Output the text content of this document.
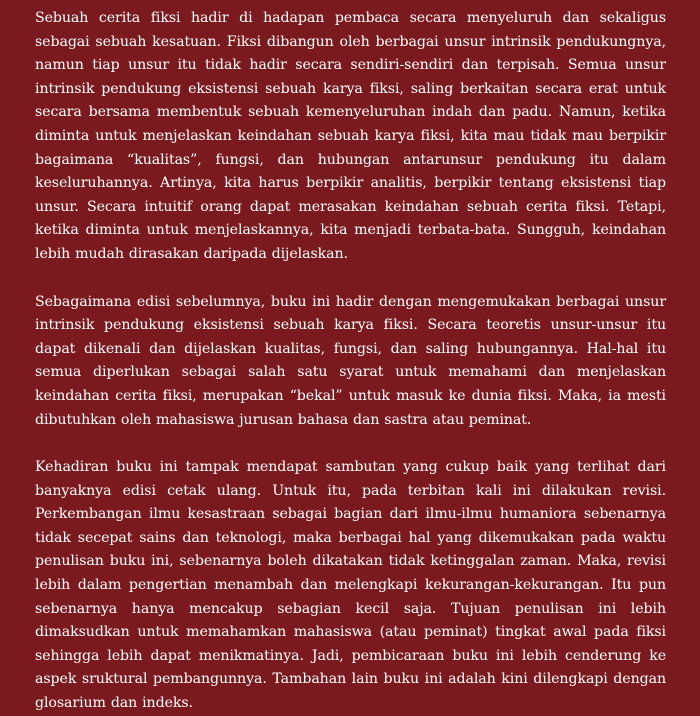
Sebuah cerita fiksi hadir di hadapan pembaca secara menyeluruh dan sekaligus sebagai sebuah kesatuan. Fiksi dibangun oleh berbagai unsur intrinsik pendukungnya, namun tiap unsur itu tidak hadir secara sendiri-sendiri dan terpisah. Semua unsur intrinsik pendukung eksistensi sebuah karya fiksi, saling berkaitan secara erat untuk secara bersama membentuk sebuah kemenyeluruhan indah dan padu. Namun, ketika diminta untuk menjelaskan keindahan sebuah karya fiksi, kita mau tidak mau berpikir bagaimana “kualitas”, fungsi, dan hubungan antarunsur pendukung itu dalam keseluruhannya. Artinya, kita harus berpikir analitis, berpikir tentang eksistensi tiap unsur. Secara intuitif orang dapat merasakan keindahan sebuah cerita fiksi. Tetapi, ketika diminta untuk menjelaskannya, kita menjadi terbata-bata. Sungguh, keindahan lebih mudah dirasakan daripada dijelaskan.

Sebagaimana edisi sebelumnya, buku ini hadir dengan mengemukakan berbagai unsur intrinsik pendukung eksistensi sebuah karya fiksi. Secara teoretis unsur-unsur itu dapat dikenali dan dijelaskan kualitas, fungsi, dan saling hubungannya. Hal-hal itu semua diperlukan sebagai salah satu syarat untuk memahami dan menjelaskan keindahan cerita fiksi, merupakan “bekal” untuk masuk ke dunia fiksi. Maka, ia mesti dibutuhkan oleh mahasiswa jurusan bahasa dan sastra atau peminat.

Kehadiran buku ini tampak mendapat sambutan yang cukup baik yang terlihat dari banyaknya edisi cetak ulang. Untuk itu, pada terbitan kali ini dilakukan revisi. Perkembangan ilmu kesastraan sebagai bagian dari ilmu-ilmu humaniora sebenarnya tidak secepat sains dan teknologi, maka berbagai hal yang dikemukakan pada waktu penulisan buku ini, sebenarnya boleh dikatakan tidak ketinggalan zaman. Maka, revisi lebih dalam pengertian menambah dan melengkapi kekurangan-kekurangan. Itu pun sebenarnya hanya mencakup sebagian kecil saja. Tujuan penulisan ini lebih dimaksudkan untuk memahamkan mahasiswa (atau peminat) tingkat awal pada fiksi sehingga lebih dapat menikmatinya. Jadi, pembicaraan buku ini lebih cenderung ke aspek sruktural pembangunnya. Tambahan lain buku ini adalah kini dilengkapi dengan glosarium dan indeks.
